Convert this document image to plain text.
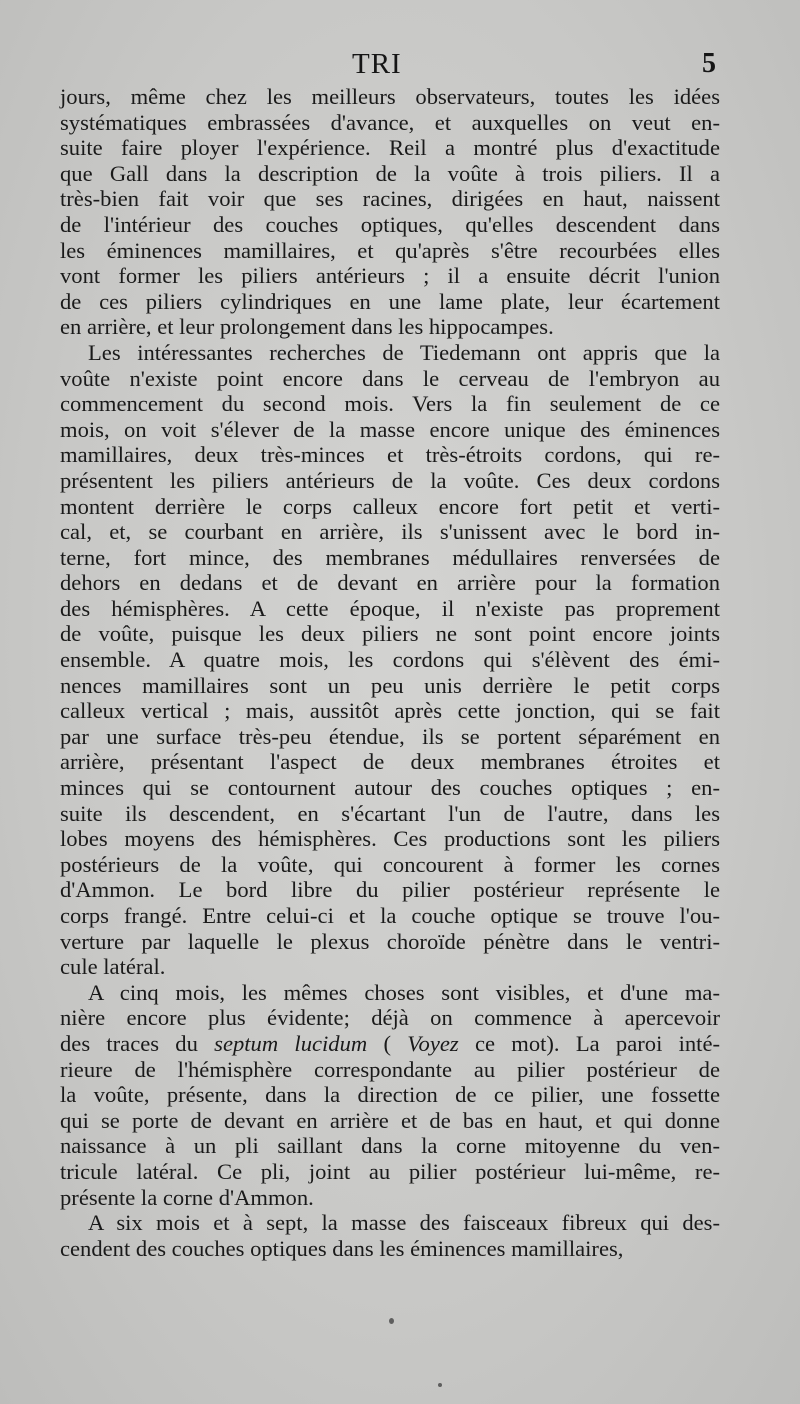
TRI	5
jours, même chez les meilleurs observateurs, toutes les idées
systématiques embrassées d'avance, et auxquelles on veut en-
suite faire ployer l'expérience. Reil a montré plus d'exactitude
que Gall dans la description de la voûte à trois piliers. Il a
très-bien fait voir que ses racines, dirigées en haut, naissent
de l'intérieur des couches optiques, qu'elles descendent dans
les éminences mamillaires, et qu'après s'être recourbées elles
vont former les piliers antérieurs ; il a ensuite décrit l'union
de ces piliers cylindriques en une lame plate, leur écartement
en arrière, et leur prolongement dans les hippocampes.
Les intéressantes recherches de Tiedemann ont appris que la
voûte n'existe point encore dans le cerveau de l'embryon au
commencement du second mois. Vers la fin seulement de ce
mois, on voit s'élever de la masse encore unique des éminences
mamillaires, deux très-minces et très-étroits cordons, qui re-
présentent les piliers antérieurs de la voûte. Ces deux cordons
montent derrière le corps calleux encore fort petit et verti-
cal, et, se courbant en arrière, ils s'unissent avec le bord in-
terne, fort mince, des membranes médullaires renversées de
dehors en dedans et de devant en arrière pour la formation
des hémisphères. A cette époque, il n'existe pas proprement
de voûte, puisque les deux piliers ne sont point encore joints
ensemble. A quatre mois, les cordons qui s'élèvent des émi-
nences mamillaires sont un peu unis derrière le petit corps
calleux vertical ; mais, aussitôt après cette jonction, qui se fait
par une surface très-peu étendue, ils se portent séparément en
arrière, présentant l'aspect de deux membranes étroites et
minces qui se contournent autour des couches optiques ; en-
suite ils descendent, en s'écartant l'un de l'autre, dans les
lobes moyens des hémisphères. Ces productions sont les piliers
postérieurs de la voûte, qui concourent à former les cornes
d'Ammon. Le bord libre du pilier postérieur représente le
corps frangé. Entre celui-ci et la couche optique se trouve l'ou-
verture par laquelle le plexus choroïde pénètre dans le ventri-
cule latéral.
A cinq mois, les mêmes choses sont visibles, et d'une ma-
nière encore plus évidente; déjà on commence à apercevoir
des traces du septum lucidum ( Voyez ce mot). La paroi inté-
rieure de l'hémisphère correspondante au pilier postérieur de
la voûte, présente, dans la direction de ce pilier, une fossette
qui se porte de devant en arrière et de bas en haut, et qui donne
naissance à un pli saillant dans la corne mitoyenne du ven-
tricule latéral. Ce pli, joint au pilier postérieur lui-même, re-
présente la corne d'Ammon.
A six mois et à sept, la masse des faisceaux fibreux qui des-
cendent des couches optiques dans les éminences mamillaires,
